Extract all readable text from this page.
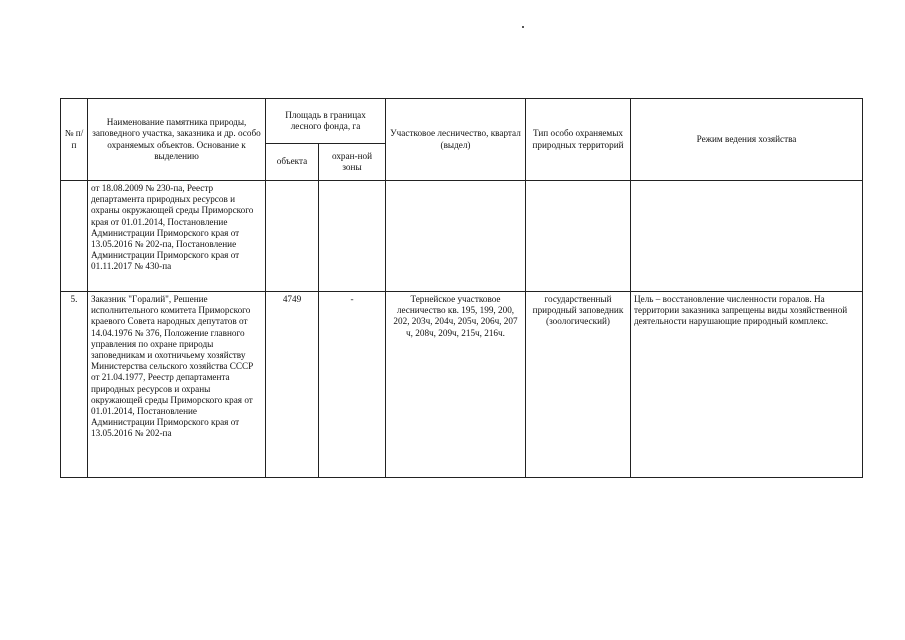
№ п/п	Наименование памятника природы, заповедного участка, заказника и др. особо охраняемых объектов. Основание к выделению	Площадь в границах лесного фонда, га		Участковое лесничество, квартал (выдел)	Тип особо охраняемых природных территорий	Режим ведения хозяйства
		объекта	охран-ной зоны			
	от 18.08.2009 № 230-па, Реестр департамента природных ресурсов и охраны окружающей среды Приморского края от 01.01.2014, Постановление Администрации Приморского края от 13.05.2016 № 202-па, Постановление Администрации Приморского края от 01.11.2017 № 430-па					
5.	Заказник "Гoралий", Решение исполнительного комитета Приморского краевого Совета народных депутатов от 14.04.1976 № 376, Положение главного управления по охране природы заповедникам и охотничьему хозяйству Министерства сельского хозяйства СССР от 21.04.1977, Реестр департамента природных ресурсов и охраны окружающей среды Приморского края от 01.01.2014, Постановление Администрации Приморского края от 13.05.2016 № 202-па	4749	-	Тернейское участковое лесничество кв. 195, 199, 200, 202, 203ч, 204ч, 205ч, 206ч, 207 ч, 208ч, 209ч, 215ч, 216ч.	государственный природный заповедник (зоологический)	Цель – восстановление численности горалов. На территории заказника запрещены виды хозяйственной деятельности нарушающие природный комплекс.
